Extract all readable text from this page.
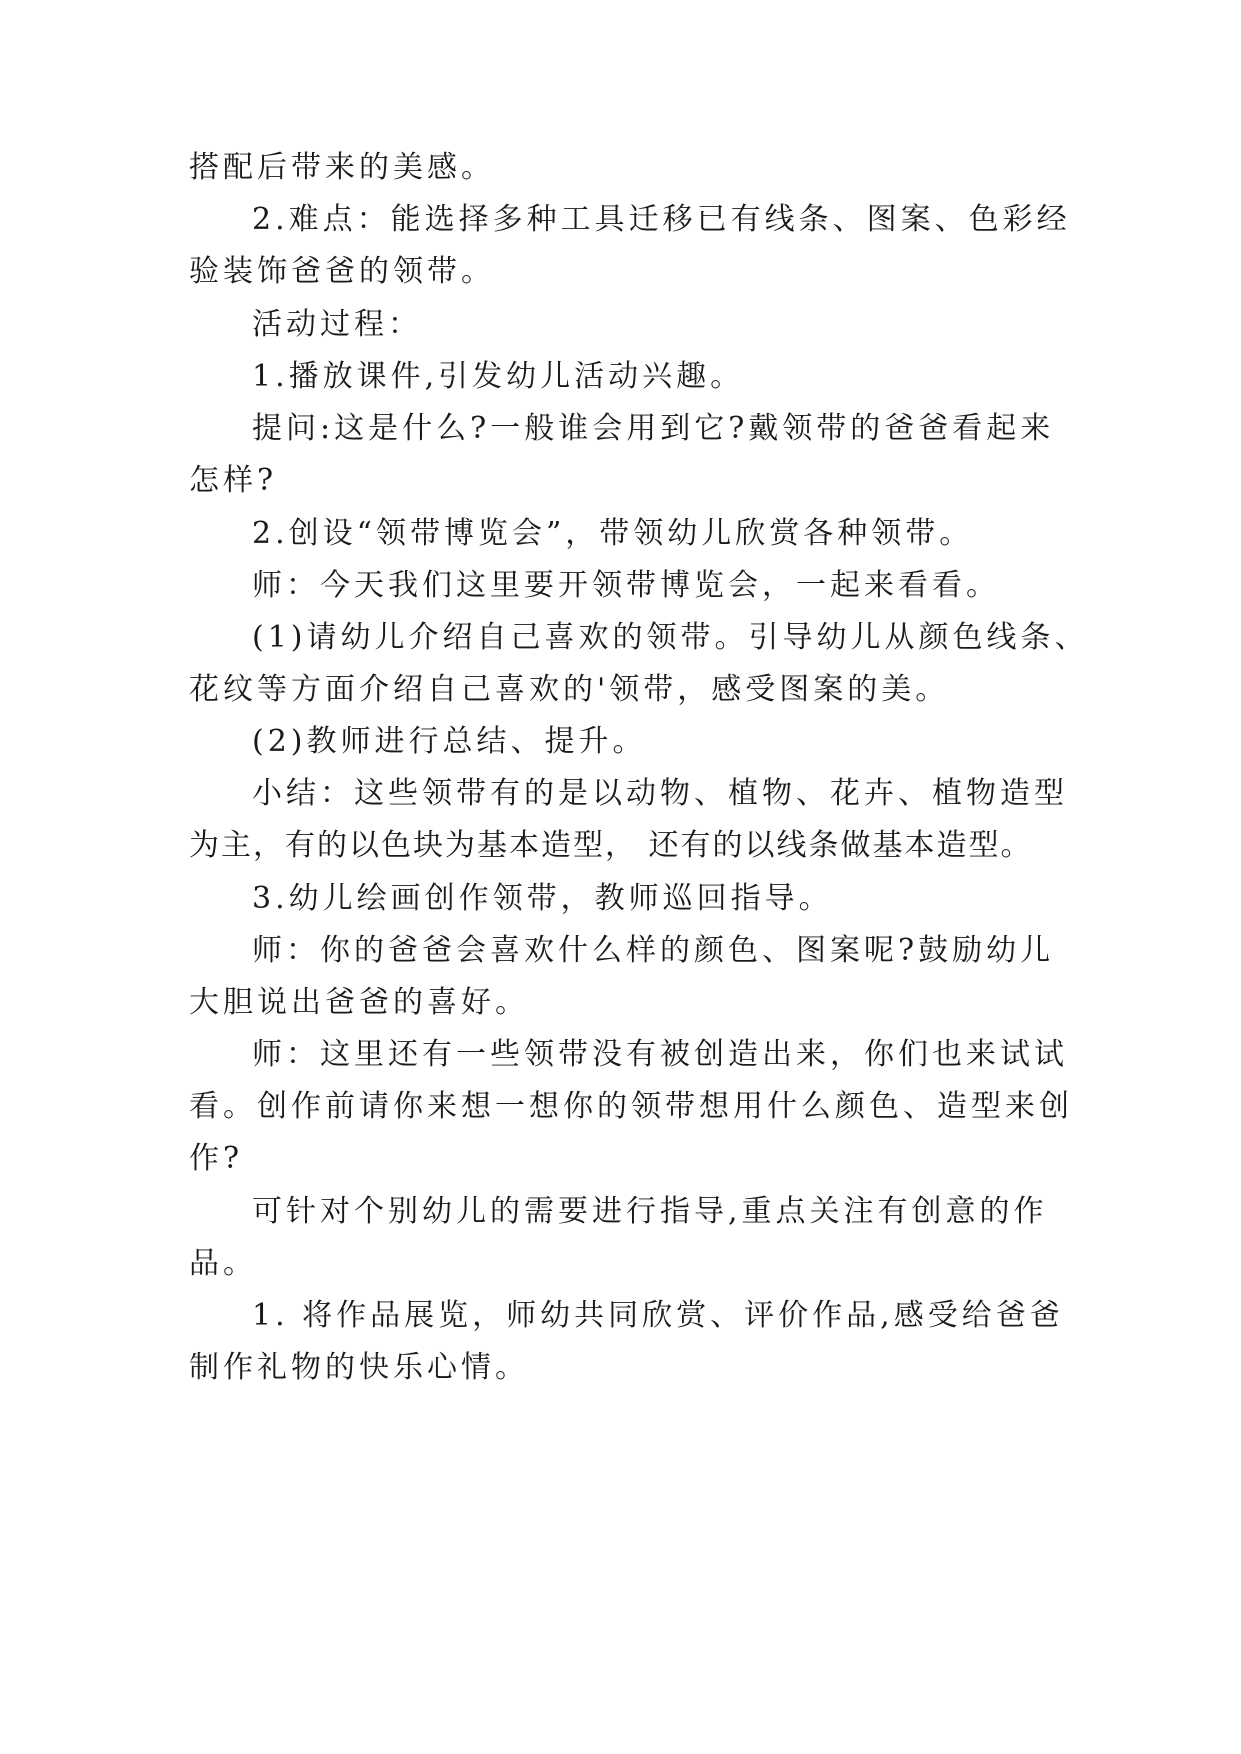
搭配后带来的美感。
2.难点：能选择多种工具迁移已有线条、图案、色彩经
验装饰爸爸的领带。
活动过程：
1.播放课件,引发幼儿活动兴趣。
提问:这是什么?一般谁会用到它?戴领带的爸爸看起来
怎样?
2.创设“领带博览会”，带领幼儿欣赏各种领带。
师：今天我们这里要开领带博览会，一起来看看。
(1)请幼儿介绍自己喜欢的领带。引导幼儿从颜色线条、
花纹等方面介绍自己喜欢的'领带，感受图案的美。
(2)教师进行总结、提升。
小结：这些领带有的是以动物、植物、花卉、植物造型
为主，有的以色块为基本造型， 还有的以线条做基本造型。
3.幼儿绘画创作领带，教师巡回指导。
师：你的爸爸会喜欢什么样的颜色、图案呢?鼓励幼儿
大胆说出爸爸的喜好。
师：这里还有一些领带没有被创造出来，你们也来试试
看。创作前请你来想一想你的领带想用什么颜色、造型来创
作?
可针对个别幼儿的需要进行指导,重点关注有创意的作
品。
1. 将作品展览，师幼共同欣赏、评价作品,感受给爸爸
制作礼物的快乐心情。
